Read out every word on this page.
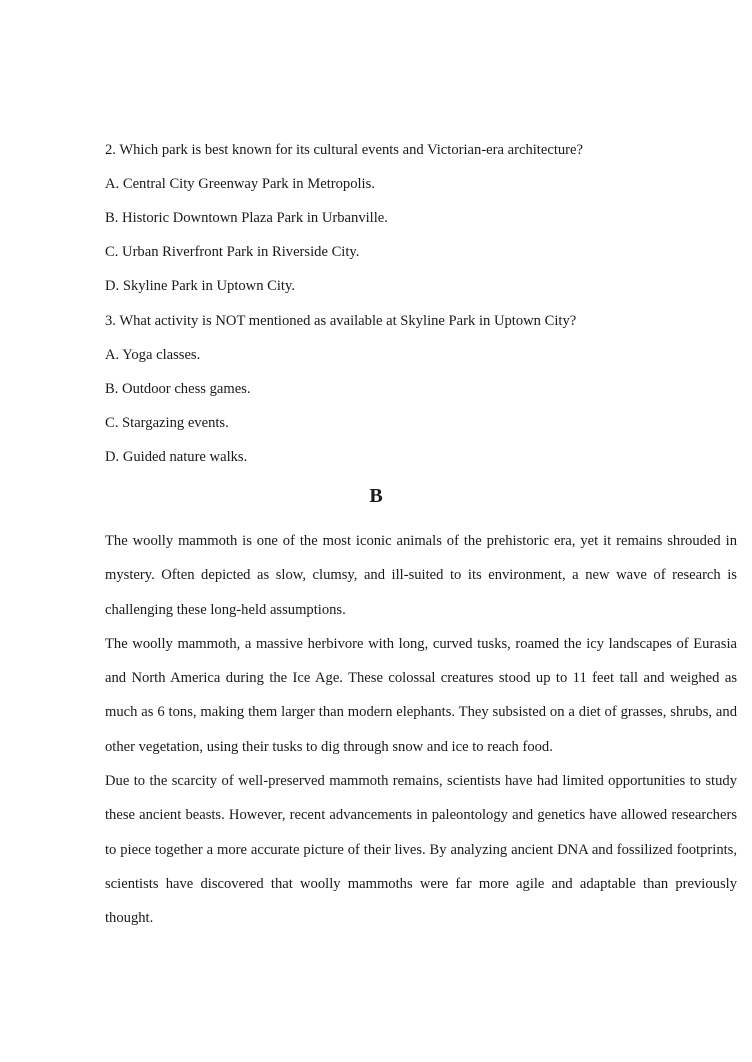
2. Which park is best known for its cultural events and Victorian-era architecture?
A. Central City Greenway Park in Metropolis.
B. Historic Downtown Plaza Park in Urbanville.
C. Urban Riverfront Park in Riverside City.
D. Skyline Park in Uptown City.
3. What activity is NOT mentioned as available at Skyline Park in Uptown City?
A. Yoga classes.
B. Outdoor chess games.
C. Stargazing events.
D. Guided nature walks.
B

The woolly mammoth is one of the most iconic animals of the prehistoric era, yet it remains shrouded in mystery. Often depicted as slow, clumsy, and ill-suited to its environment, a new wave of research is challenging these long-held assumptions.

The woolly mammoth, a massive herbivore with long, curved tusks, roamed the icy landscapes of Eurasia and North America during the Ice Age. These colossal creatures stood up to 11 feet tall and weighed as much as 6 tons, making them larger than modern elephants. They subsisted on a diet of grasses, shrubs, and other vegetation, using their tusks to dig through snow and ice to reach food.

Due to the scarcity of well-preserved mammoth remains, scientists have had limited opportunities to study these ancient beasts. However, recent advancements in paleontology and genetics have allowed researchers to piece together a more accurate picture of their lives. By analyzing ancient DNA and fossilized footprints, scientists have discovered that woolly mammoths were far more agile and adaptable than previously thought.
